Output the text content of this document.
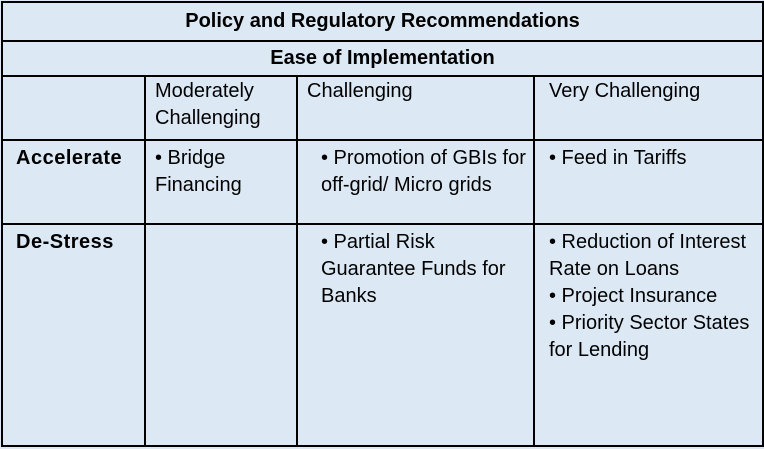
Policy and Regulatory Recommendations			
Ease of Implementation			

	Moderately Challenging	Challenging	Very Challenging

Accelerate	• Bridge Financing	• Promotion of GBIs for off-grid/ Micro grids	• Feed in Tariffs

De-Stress		• Partial Risk Guarantee Funds for Banks	• Reduction of Interest Rate on Loans
• Project Insurance
• Priority Sector States for Lending
